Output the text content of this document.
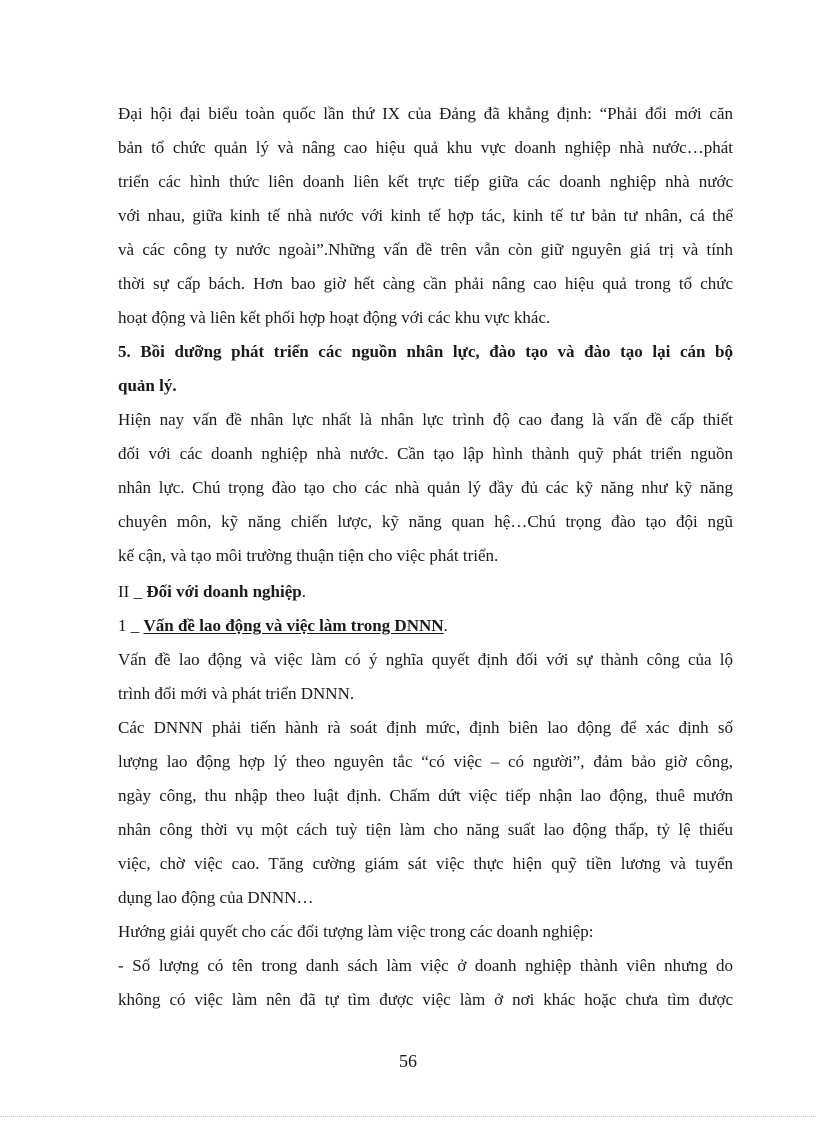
Đại hội đại biểu toàn quốc lần thứ IX của Đảng đã khẳng định: “Phải đổi mới căn
bản tổ chức quản lý và nâng cao hiệu quả khu vực doanh nghiệp nhà nước…phát
triển các hình thức liên doanh liên kết trực tiếp giữa các doanh nghiệp nhà nước
với nhau, giữa kinh tế nhà nước với kinh tế hợp tác, kinh tế tư bản tư nhân, cá thể
và các công ty nước ngoài”.Những vấn đề trên vẫn còn giữ nguyên giá trị và tính
thời sự cấp bách. Hơn bao giờ hết càng cần phải nâng cao hiệu quả trong tổ chức
hoạt động và liên kết phối hợp hoạt động với các khu vực khác.
5. Bồi dưỡng phát triển các nguồn nhân lực, đào tạo và đào tạo lại cán bộ
quản lý.
Hiện nay vấn đề nhân lực nhất là nhân lực trình độ cao đang là vấn đề cấp thiết
đối với các doanh nghiệp nhà nước. Cần tạo lập hình thành quỹ phát triển nguồn
nhân lực. Chú trọng đào tạo cho các nhà quản lý đầy đủ các kỹ năng như kỹ năng
chuyên môn, kỹ năng chiến lược, kỹ năng quan hệ…Chú trọng đào tạo đội ngũ
kế cận, và tạo môi trường thuận tiện cho việc phát triển.
II _ Đối với doanh nghiệp.
1 _ Vấn đề lao động và việc làm trong DNNN.
Vấn đề lao động và việc làm có ý nghĩa quyết định đối với sự thành công của lộ
trình đổi mới và phát triển DNNN.
Các DNNN phải tiến hành rà soát định mức, định biên lao động để xác định số
lượng lao động hợp lý theo nguyên tắc “có việc – có người”, đảm bảo giờ công,
ngày công, thu nhập theo luật định. Chấm dứt việc tiếp nhận lao động, thuê mướn
nhân công thời vụ một cách tuỳ tiện làm cho năng suất lao động thấp, tỷ lệ thiếu
việc, chờ việc cao. Tăng cường giám sát việc thực hiện quỹ tiền lương và tuyển
dụng lao động của DNNN…
Hướng giải quyết cho các đối tượng làm việc trong các doanh nghiệp:
- Số lượng có tên trong danh sách làm việc ở doanh nghiệp thành viên nhưng do
không có việc làm nên đã tự tìm được việc làm ở nơi khác hoặc chưa tìm được
56
